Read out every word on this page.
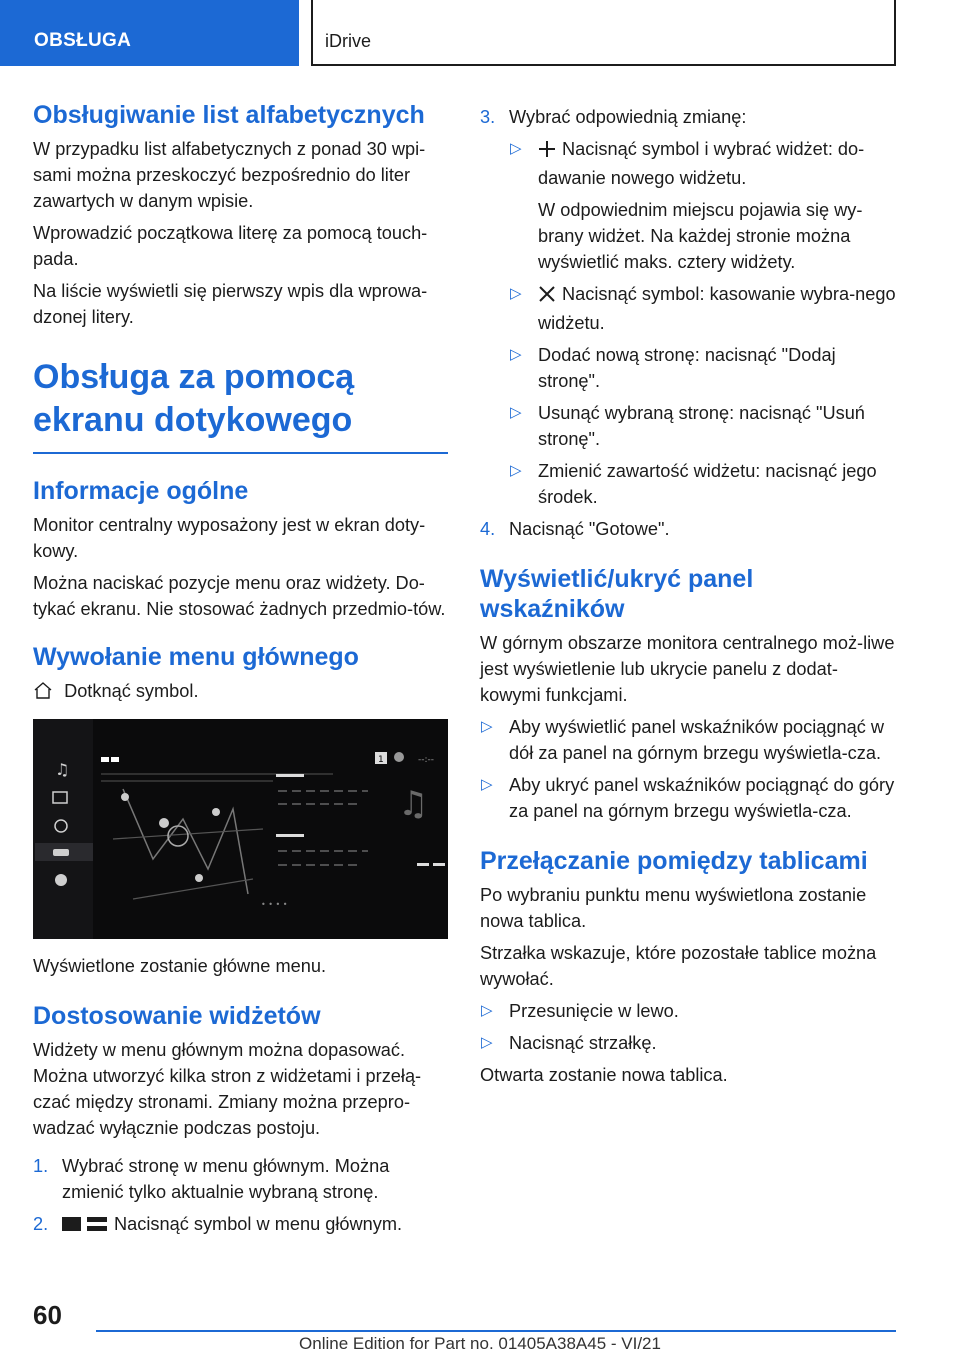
OBSŁUGA	iDrive
Obsługiwanie list alfabetycznych

W przypadku list alfabetycznych z ponad 30 wpi-sami można przeskoczyć bezpośrednio do liter zawartych w danym wpisie.

Wprowadzić początkowa literę za pomocą touch-pada.

Na liście wyświetli się pierwszy wpis dla wprowa-dzonej litery.

Obsługa za pomocą ekranu dotykowego
Informacje ogólne

Monitor centralny wyposażony jest w ekran doty-kowy.

Można naciskać pozycje menu oraz widżety. Do-tykać ekranu. Nie stosować żadnych przedmio-tów.

Wywołanie menu głównego

Dotknąć symbol.

♫
♫
1	--:--
• • • •

Wyświetlone zostanie główne menu.

Dostosowanie widżetów

Widżety w menu głównym można dopasować. Można utworzyć kilka stron z widżetami i przełą-czać między stronami. Zmiany można przepro-wadzać wyłącznie podczas postoju.

1. Wybrać stronę w menu głównym. Można zmienić tylko aktualnie wybraną stronę.
2.	Nacisnąć symbol w menu głównym.
3. Wybrać odpowiednią zmianę:
▷ Nacisnąć symbol i wybrać widżet: do-dawanie nowego widżetu.

W odpowiednim miejscu pojawia się wy-brany widżet. Na każdej stronie można wyświetlić maks. cztery widżety.

▷ Nacisnąć symbol: kasowanie wybra-nego widżetu.
▷ Dodać nową stronę: nacisnąć "Dodaj stronę".
▷ Usunąć wybraną stronę: nacisnąć "Usuń stronę".
▷ Zmienić zawartość widżetu: nacisnąć jego środek.
4. Nacisnąć "Gotowe".
Wyświetlić/ukryć panel wskaźników

W górnym obszarze monitora centralnego moż-liwe jest wyświetlenie lub ukrycie panelu z dodat-kowymi funkcjami.

▷ Aby wyświetlić panel wskaźników pociągnąć w dół za panel na górnym brzegu wyświetla-cza.
▷ Aby ukryć panel wskaźników pociągnąć do góry za panel na górnym brzegu wyświetla-cza.
Przełączanie pomiędzy tablicami

Po wybraniu punktu menu wyświetlona zostanie nowa tablica.

Strzałka wskazuje, które pozostałe tablice można wywołać.

▷ Przesunięcie w lewo.
▷ Nacisnąć strzałkę.

Otwarta zostanie nowa tablica.

60
Online Edition for Part no. 01405A38A45 - VI/21
